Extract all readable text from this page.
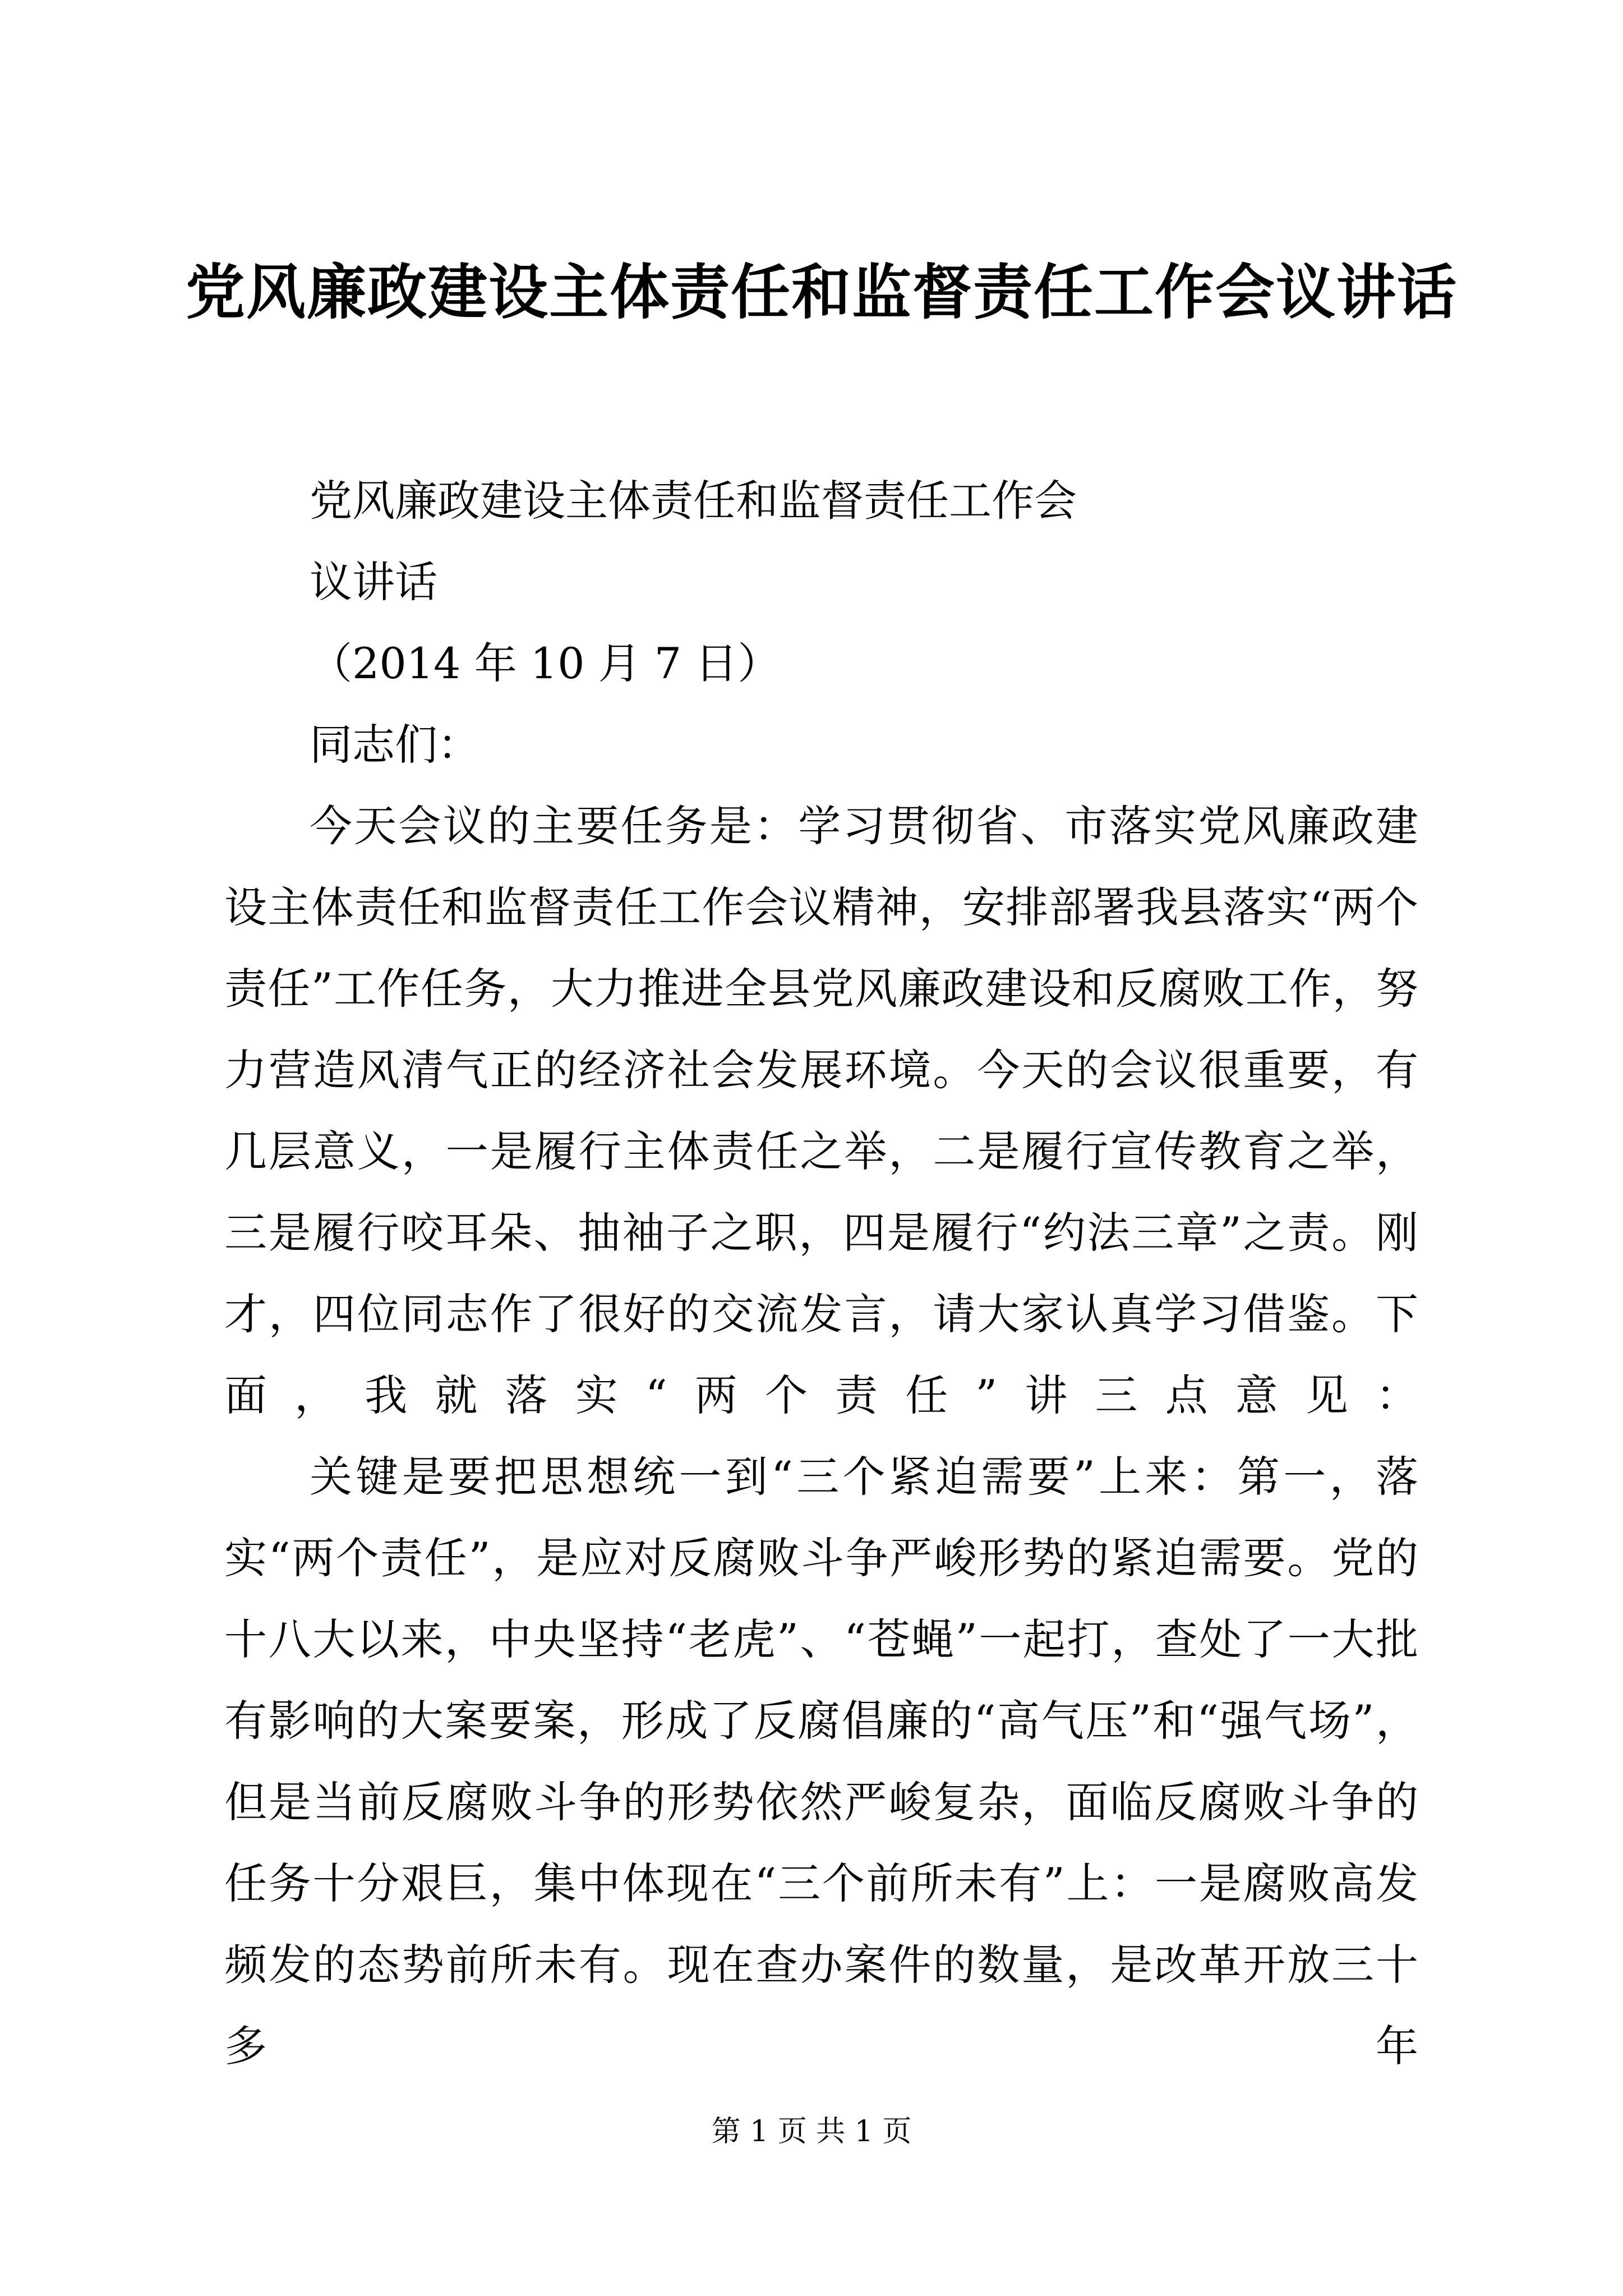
党风廉政建设主体责任和监督责任工作会议讲话

党风廉政建设主体责任和监督责任工作会

议讲话

（2014 年 10 月 7 日）

同志们：

今天会议的主要任务是：学习贯彻省、市落实党风廉政建设主体责任和监督责任工作会议精神，安排部署我县落实“两个责任”工作任务，大力推进全县党风廉政建设和反腐败工作，努力营造风清气正的经济社会发展环境。今天的会议很重要，有几层意义，一是履行主体责任之举，二是履行宣传教育之举，三是履行咬耳朵、抽袖子之职，四是履行“约法三章”之责。刚才，四位同志作了很好的交流发言，请大家认真学习借鉴。下面，我就落实“两个责任”讲三点意见：

关键是要把思想统一到“三个紧迫需要”上来：第一，落实“两个责任”，是应对反腐败斗争严峻形势的紧迫需要。党的十八大以来，中央坚持“老虎”、“苍蝇”一起打，查处了一大批有影响的大案要案，形成了反腐倡廉的“高气压”和“强气场”，但是当前反腐败斗争的形势依然严峻复杂，面临反腐败斗争的任务十分艰巨，集中体现在“三个前所未有”上：一是腐败高发频发的态势前所未有。现在查办案件的数量，是改革开放三十多年

第 1 页 共 1 页
